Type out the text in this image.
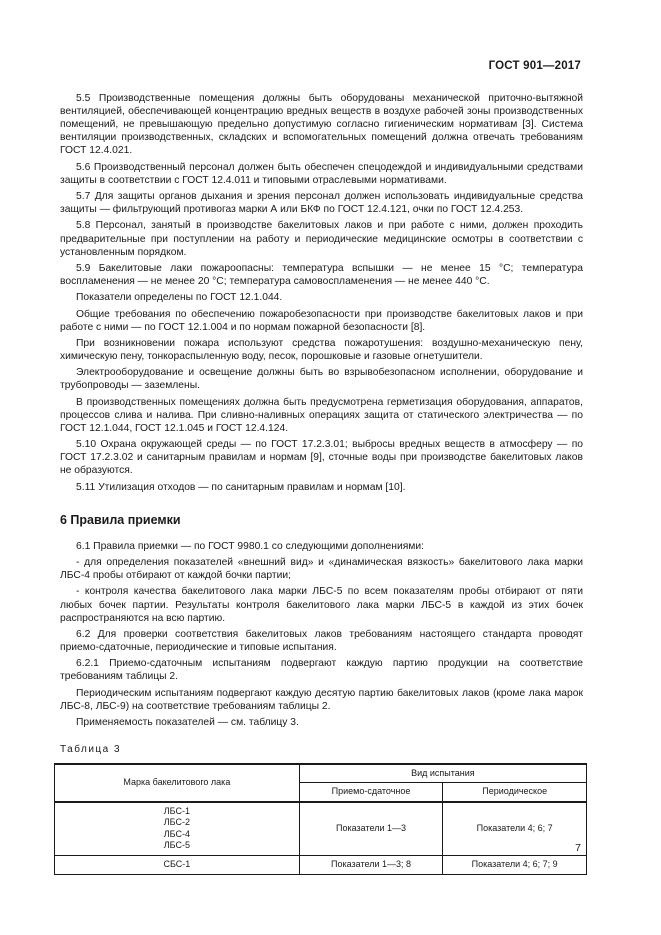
ГОСТ 901—2017

5.5 Производственные помещения должны быть оборудованы механической приточно-вытяжной вентиляцией, обеспечивающей концентрацию вредных веществ в воздухе рабочей зоны производственных помещений, не превышающую предельно допустимую согласно гигиеническим нормативам [3]. Система вентиляции производственных, складских и вспомогательных помещений должна отвечать требованиям ГОСТ 12.4.021.

5.6 Производственный персонал должен быть обеспечен спецодеждой и индивидуальными средствами защиты в соответствии с ГОСТ 12.4.011 и типовыми отраслевыми нормативами.

5.7 Для защиты органов дыхания и зрения персонал должен использовать индивидуальные средства защиты — фильтрующий противогаз марки А или БКФ по ГОСТ 12.4.121, очки по ГОСТ 12.4.253.

5.8 Персонал, занятый в производстве бакелитовых лаков и при работе с ними, должен проходить предварительные при поступлении на работу и периодические медицинские осмотры в соответствии с установленным порядком.

5.9 Бакелитовые лаки пожароопасны: температура вспышки — не менее 15 °С; температура воспламенения — не менее 20 °С; температура самовоспламенения — не менее 440 °С.

Показатели определены по ГОСТ 12.1.044.

Общие требования по обеспечению пожаробезопасности при производстве бакелитовых лаков и при работе с ними — по ГОСТ 12.1.004 и по нормам пожарной безопасности [8].

При возникновении пожара используют средства пожаротушения: воздушно-механическую пену, химическую пену, тонкораспыленную воду, песок, порошковые и газовые огнетушители.

Электрооборудование и освещение должны быть во взрывобезопасном исполнении, оборудование и трубопроводы — заземлены.

В производственных помещениях должна быть предусмотрена герметизация оборудования, аппаратов, процессов слива и налива. При сливно-наливных операциях защита от статического электричества — по ГОСТ 12.1.044, ГОСТ 12.1.045 и ГОСТ 12.4.124.

5.10 Охрана окружающей среды — по ГОСТ 17.2.3.01; выбросы вредных веществ в атмосферу — по ГОСТ 17.2.3.02 и санитарным правилам и нормам [9], сточные воды при производстве бакелитовых лаков не образуются.

5.11 Утилизация отходов — по санитарным правилам и нормам [10].

6 Правила приемки

6.1 Правила приемки — по ГОСТ 9980.1 со следующими дополнениями:

- для определения показателей «внешний вид» и «динамическая вязкость» бакелитового лака марки ЛБС-4 пробы отбирают от каждой бочки партии;

- контроля качества бакелитового лака марки ЛБС-5 по всем показателям пробы отбирают от пяти любых бочек партии. Результаты контроля бакелитового лака марки ЛБС-5 в каждой из этих бочек распространяются на всю партию.

6.2 Для проверки соответствия бакелитовых лаков требованиям настоящего стандарта проводят приемо-сдаточные, периодические и типовые испытания.

6.2.1 Приемо-сдаточным испытаниям подвергают каждую партию продукции на соответствие требованиям таблицы 2.

Периодическим испытаниям подвергают каждую десятую партию бакелитовых лаков (кроме лака марок ЛБС-8, ЛБС-9) на соответствие требованиям таблицы 2.

Применяемость показателей — см. таблицу 3.

Таблица 3
Марка бакелитового лака	Вид испытания	
	Приемо-сдаточное	Периодическое

ЛБС-1
ЛБС-2
ЛБС-4
ЛБС-5	Показатели 1—3	Показатели 4; 6; 7
СБС-1	Показатели 1—3; 8	Показатели 4; 6; 7; 9
7
